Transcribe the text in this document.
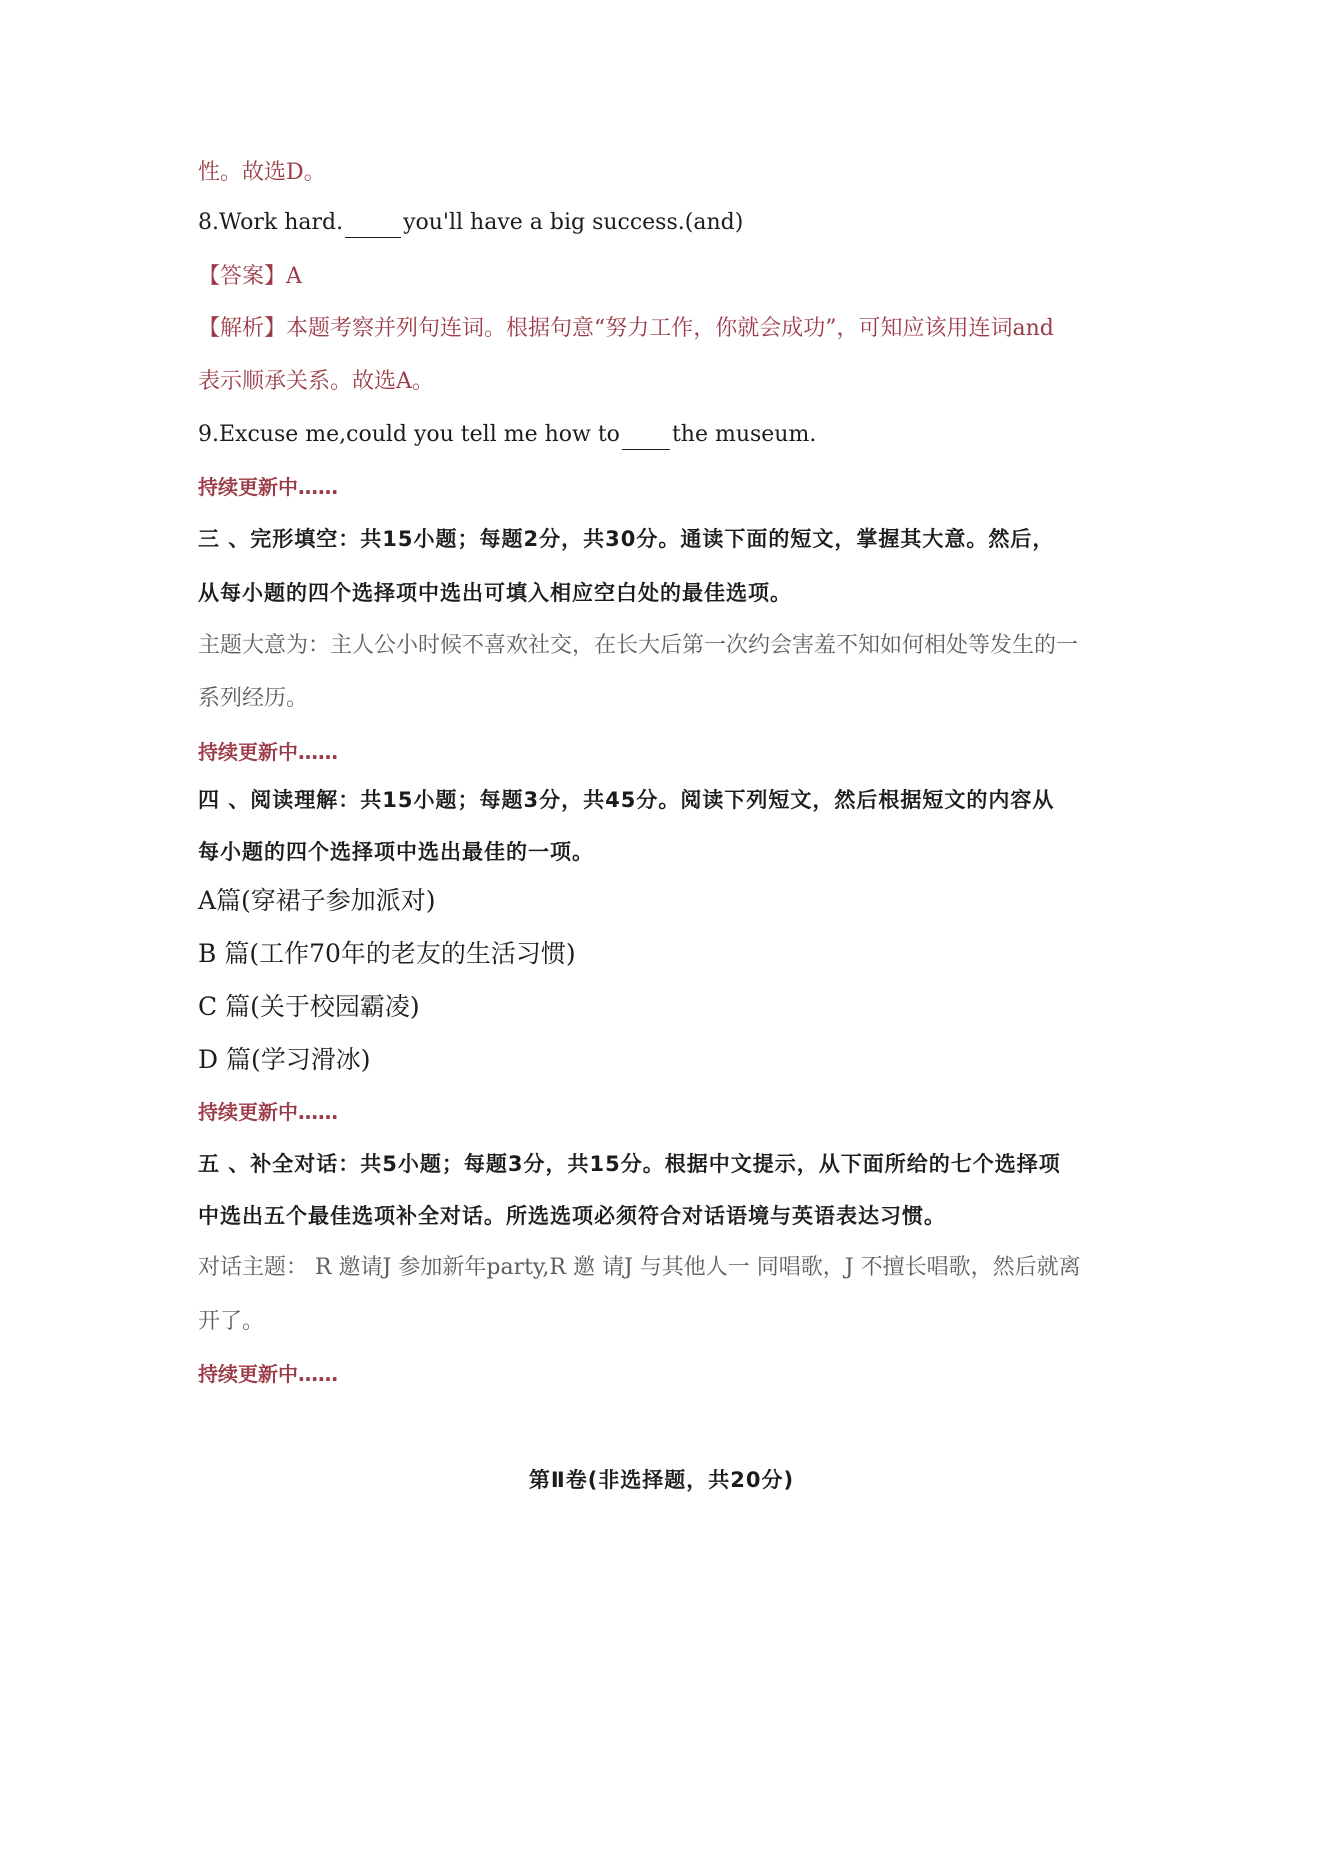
性。故选D。
8.Work hard.	you'll have a big success.(and)
【答案】A
【解析】本题考察并列句连词。根据句意“努力工作，你就会成功”，可知应该用连词and
表示顺承关系。故选A。
9.Excuse me,could you tell me how to the museum.
持续更新中……
三 、完形填空：共15小题；每题2分，共30分。通读下面的短文，掌握其大意。然后，
从每小题的四个选择项中选出可填入相应空白处的最佳选项。
主题大意为：主人公小时候不喜欢社交，在长大后第一次约会害羞不知如何相处等发生的一
系列经历。
持续更新中……
四 、阅读理解：共15小题；每题3分，共45分。阅读下列短文，然后根据短文的内容从
每小题的四个选择项中选出最佳的一项。
A篇(穿裙子参加派对)
B 篇(工作70年的老友的生活习惯)
C 篇(关于校园霸凌)
D 篇(学习滑冰)
持续更新中……
五 、补全对话：共5小题；每题3分，共15分。根据中文提示，从下面所给的七个选择项
中选出五个最佳选项补全对话。所选选项必须符合对话语境与英语表达习惯。
对话主题： R 邀请J 参加新年party,R 邀 请J 与其他人一 同唱歌，J 不擅长唱歌，然后就离
开了。
持续更新中……
第Ⅱ卷(非选择题，共20分)
